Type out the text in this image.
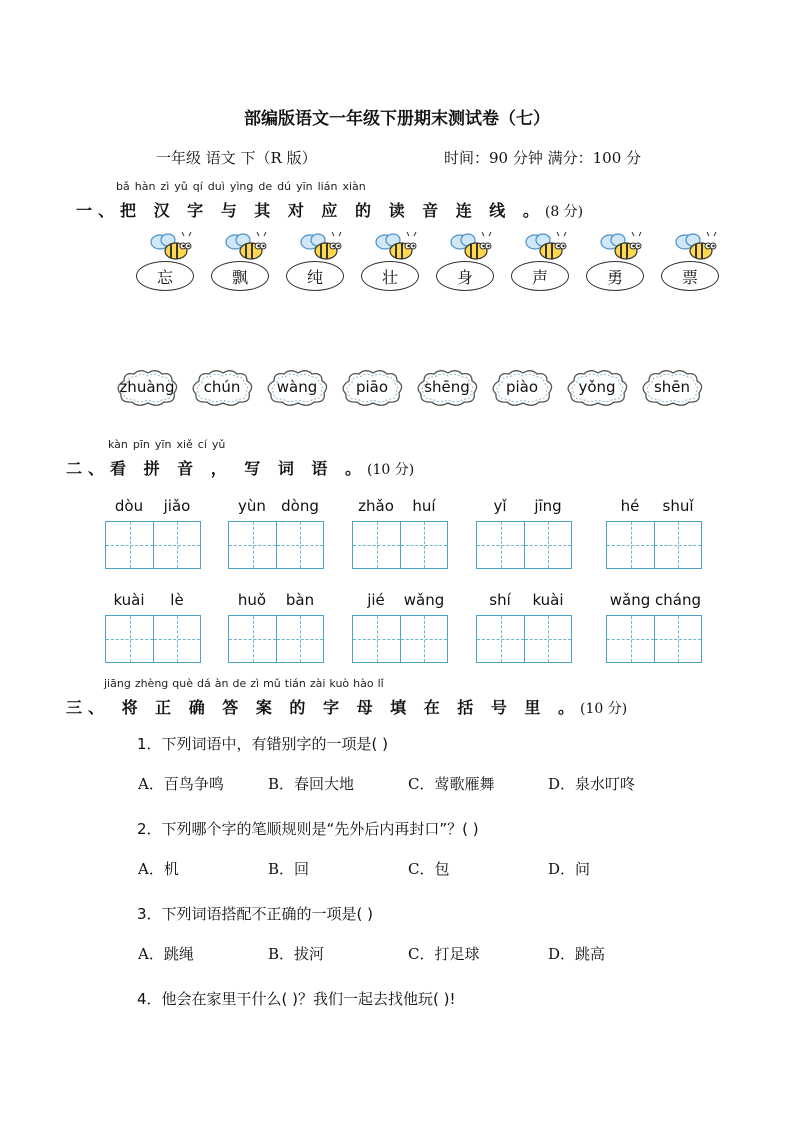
部编版语文一年级下册期末测试卷（七）
一年级 语文 下（R 版）	时间：90 分钟 满分：100 分
bǎ hàn zì yǔ qí duì yìng de dú yīn lián xiàn
一、把 汉 字 与 其 对 应 的 读 音 连 线 。(8 分)
忘	飘	纯	壮	身	声	勇	票
zhuàng chún wàng	piāo shēng piào	yǒng	shēn
kàn pīn yīn xiě cí yǔ
二、看 拼 音 ， 写 词 语 。(10 分)
dòu	jiǎo	yùn	dòng	zhǎo	huí	yǐ	jīng	hé	shuǐ
kuài	lè	huǒ	bàn	jié	wǎng	shí	kuài	wǎng cháng
jiāng zhèng què dá àn de zì mǔ tián zài kuò hào lǐ
三、 将 正 确 答 案 的 字 母 填 在 括 号 里 。(10 分)
1．下列词语中，有错别字的一项是( )
A．百鸟争鸣	B．春回大地	C．莺歌雁舞	D．泉水叮咚
2．下列哪个字的笔顺规则是“先外后内再封口”？( )
A．机	B．回	C．包	D．问
3．下列词语搭配不正确的一项是( )
A．跳绳	B．拔河	C．打足球	D．跳高
4．他会在家里干什么( )？我们一起去找他玩( )!
